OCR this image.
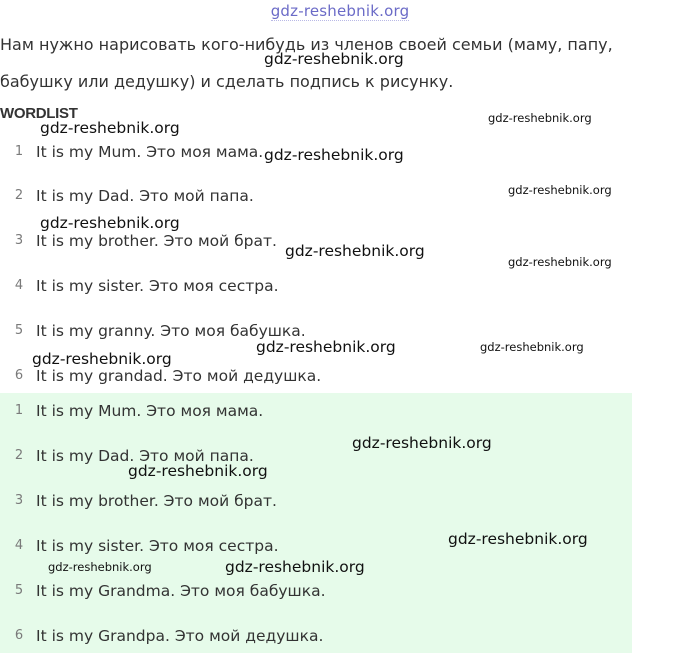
gdz-reshebnik.org
Нам нужно нарисовать кого-нибудь из членов своей семьи (маму, папу,
бабушку или дедушку) и сделать подпись к рисунку.
WORDLIST
1 It is my Mum. Это моя мама.
2 It is my Dad. Это мой папа.
3 It is my brother. Это мой брат.
4 It is my sister. Это моя сестра.
5 It is my granny. Это моя бабушка.
6 It is my grandad. Это мой дедушка.
1 It is my Mum. Это моя мама.
2 It is my Dad. Это мой папа.
3 It is my brother. Это мой брат.
4 It is my sister. Это моя сестра.
5 It is my Grandma. Это моя бабушка.
6 It is my Grandpa. Это мой дедушка.
gdz-reshebnik.org
gdz-reshebnik.org
gdz-reshebnik.org
gdz-reshebnik.org
gdz-reshebnik.org
gdz-reshebnik.org
gdz-reshebnik.org
gdz-reshebnik.org
gdz-reshebnik.org	gdz-reshebnik.org
gdz-reshebnik.org
gdz-reshebnik.org
gdz-reshebnik.org
gdz-reshebnik.org
gdz-reshebnik.org	gdz-reshebnik.org
